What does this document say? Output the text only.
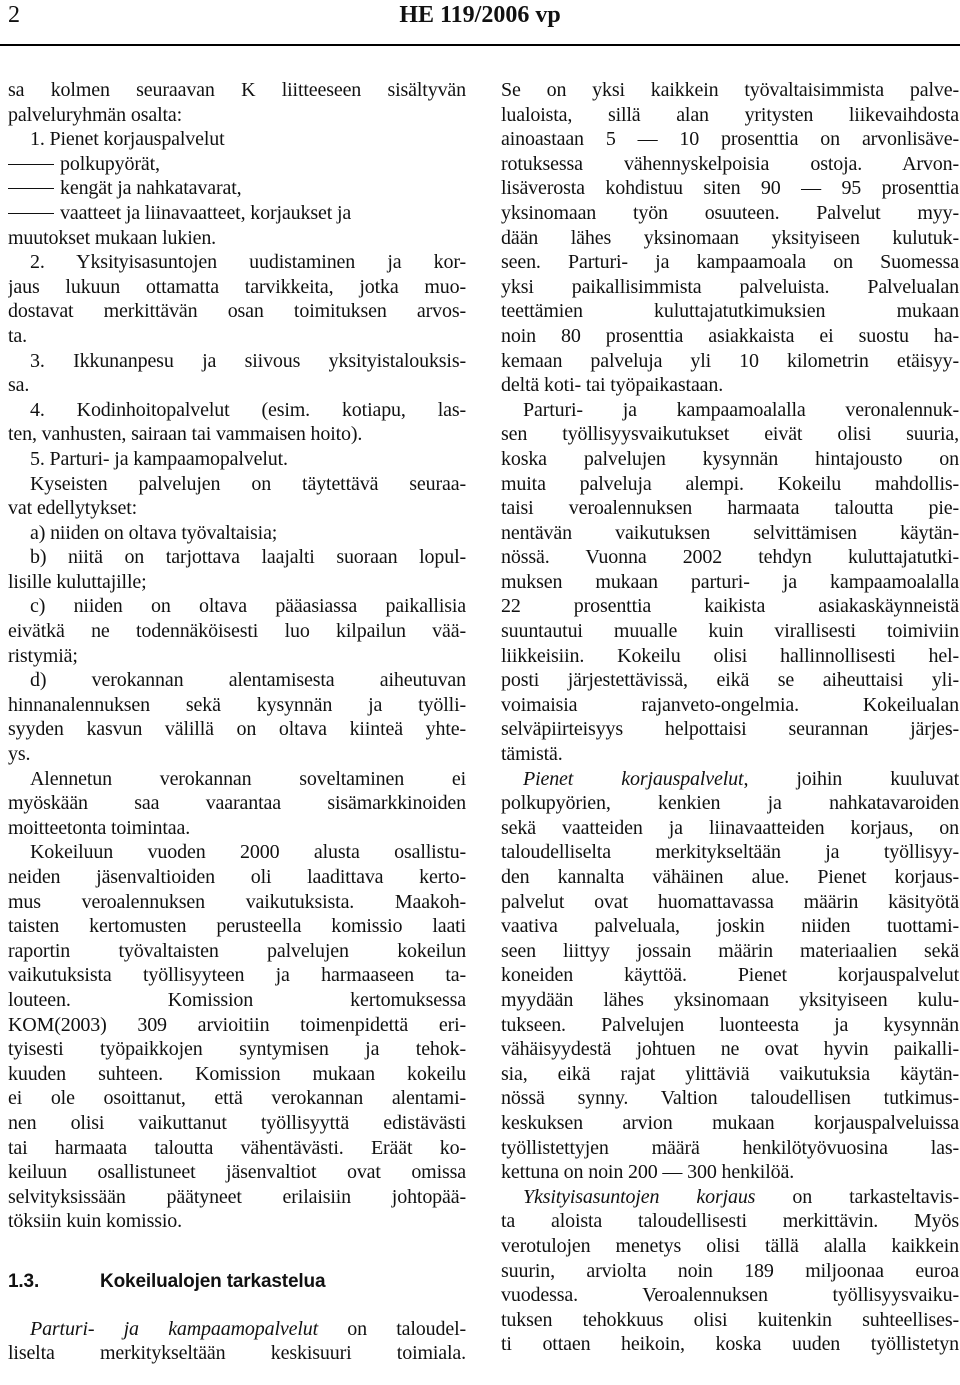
2	HE 119/2006 vp
sa kolmen seuraavan K liitteeseen sisältyvän
palveluryhmän osalta:
1. Pienet korjauspalvelut
polkupyörät,
kengät ja nahkatavarat,
vaatteet ja liinavaatteet, korjaukset ja
muutokset mukaan lukien.
2. Yksityisasuntojen uudistaminen ja kor-
jaus lukuun ottamatta tarvikkeita, jotka muo-
dostavat merkittävän osan toimituksen arvos-
ta.
3. Ikkunanpesu ja siivous yksityistalouksis-
sa.
4. Kodinhoitopalvelut (esim. kotiapu, las-
ten, vanhusten, sairaan tai vammaisen hoito).
5. Parturi- ja kampaamopalvelut.
Kyseisten palvelujen on täytettävä seuraa-
vat edellytykset:
a) niiden on oltava työvaltaisia;
b) niitä on tarjottava laajalti suoraan lopul-
lisille kuluttajille;
c) niiden on oltava pääasiassa paikallisia
eivätkä ne todennäköisesti luo kilpailun vää-
ristymiä;
d) verokannan alentamisesta aiheutuvan
hinnanalennuksen sekä kysynnän ja työlli-
syyden kasvun välillä on oltava kiinteä yhte-
ys.
Alennetun verokannan soveltaminen ei
myöskään saa vaarantaa sisämarkkinoiden
moitteetonta toimintaa.
Kokeiluun vuoden 2000 alusta osallistu-
neiden jäsenvaltioiden oli laadittava kerto-
mus veroalennuksen vaikutuksista. Maakoh-
taisten kertomusten perusteella komissio laati
raportin työvaltaisten palvelujen kokeilun
vaikutuksista työllisyyteen ja harmaaseen ta-
louteen. Komission kertomuksessa
KOM(2003) 309 arvioitiin toimenpidettä eri-
tyisesti työpaikkojen syntymisen ja tehok-
kuuden suhteen. Komission mukaan kokeilu
ei ole osoittanut, että verokannan alentami-
nen olisi vaikuttanut työllisyyttä edistävästi
tai harmaata taloutta vähentävästi. Eräät ko-
keiluun osallistuneet jäsenvaltiot ovat omissa
selvityksissään päätyneet erilaisiin johtopää-
töksiin kuin komissio.

1.3.	Kokeilualojen tarkastelua

Parturi- ja kampaamopalvelut on taloudel-
liselta merkitykseltään keskisuuri toimiala.
Se on yksi kaikkein työvaltaisimmista palve-
lualoista, sillä alan yritysten liikevaihdosta
ainoastaan 5 — 10 prosenttia on arvonlisäve-
rotuksessa vähennyskelpoisia ostoja. Arvon-
lisäverosta kohdistuu siten 90 — 95 prosenttia
yksinomaan työn osuuteen. Palvelut myy-
dään lähes yksinomaan yksityiseen kulutuk-
seen. Parturi- ja kampaamoala on Suomessa
yksi paikallisimmista palveluista. Palvelualan
teettämien kuluttajatutkimuksien mukaan
noin 80 prosenttia asiakkaista ei suostu ha-
kemaan palveluja yli 10 kilometrin etäisyy-
deltä koti- tai työpaikastaan.
Parturi- ja kampaamoalalla veronalennuk-
sen työllisyysvaikutukset eivät olisi suuria,
koska palvelujen kysynnän hintajousto on
muita palveluja alempi. Kokeilu mahdollis-
taisi veroalennuksen harmaata taloutta pie-
nentävän vaikutuksen selvittämisen käytän-
nössä. Vuonna 2002 tehdyn kuluttajatutki-
muksen mukaan parturi- ja kampaamoalalla
22 prosenttia kaikista asiakaskäynneistä
suuntautui muualle kuin virallisesti toimiviin
liikkeisiin. Kokeilu olisi hallinnollisesti hel-
posti järjestettävissä, eikä se aiheuttaisi yli-
voimaisia rajanveto-ongelmia. Kokeilualan
selväpiirteisyys helpottaisi seurannan järjes-
tämistä.
Pienet korjauspalvelut, joihin kuuluvat
polkupyörien, kenkien ja nahkatavaroiden
sekä vaatteiden ja liinavaatteiden korjaus, on
taloudelliselta merkitykseltään ja työllisyy-
den kannalta vähäinen alue. Pienet korjaus-
palvelut ovat huomattavassa määrin käsityötä
vaativa palveluala, joskin niiden tuottami-
seen liittyy jossain määrin materiaalien sekä
koneiden käyttöä. Pienet korjauspalvelut
myydään lähes yksinomaan yksityiseen kulu-
tukseen. Palvelujen luonteesta ja kysynnän
vähäisyydestä johtuen ne ovat hyvin paikalli-
sia, eikä rajat ylittäviä vaikutuksia käytän-
nössä synny. Valtion taloudellisen tutkimus-
keskuksen arvion mukaan korjauspalveluissa
työllistettyjen määrä henkilötyövuosina las-
kettuna on noin 200 — 300 henkilöä.
Yksityisasuntojen korjaus on tarkasteltavis-
ta aloista taloudellisesti merkittävin. Myös
verotulojen menetys olisi tällä alalla kaikkein
suurin, arviolta noin 189 miljoonaa euroa
vuodessa. Veroalennuksen työllisyysvaiku-
tuksen tehokkuus olisi kuitenkin suhteellises-
ti ottaen heikoin, koska uuden työllistetyn
